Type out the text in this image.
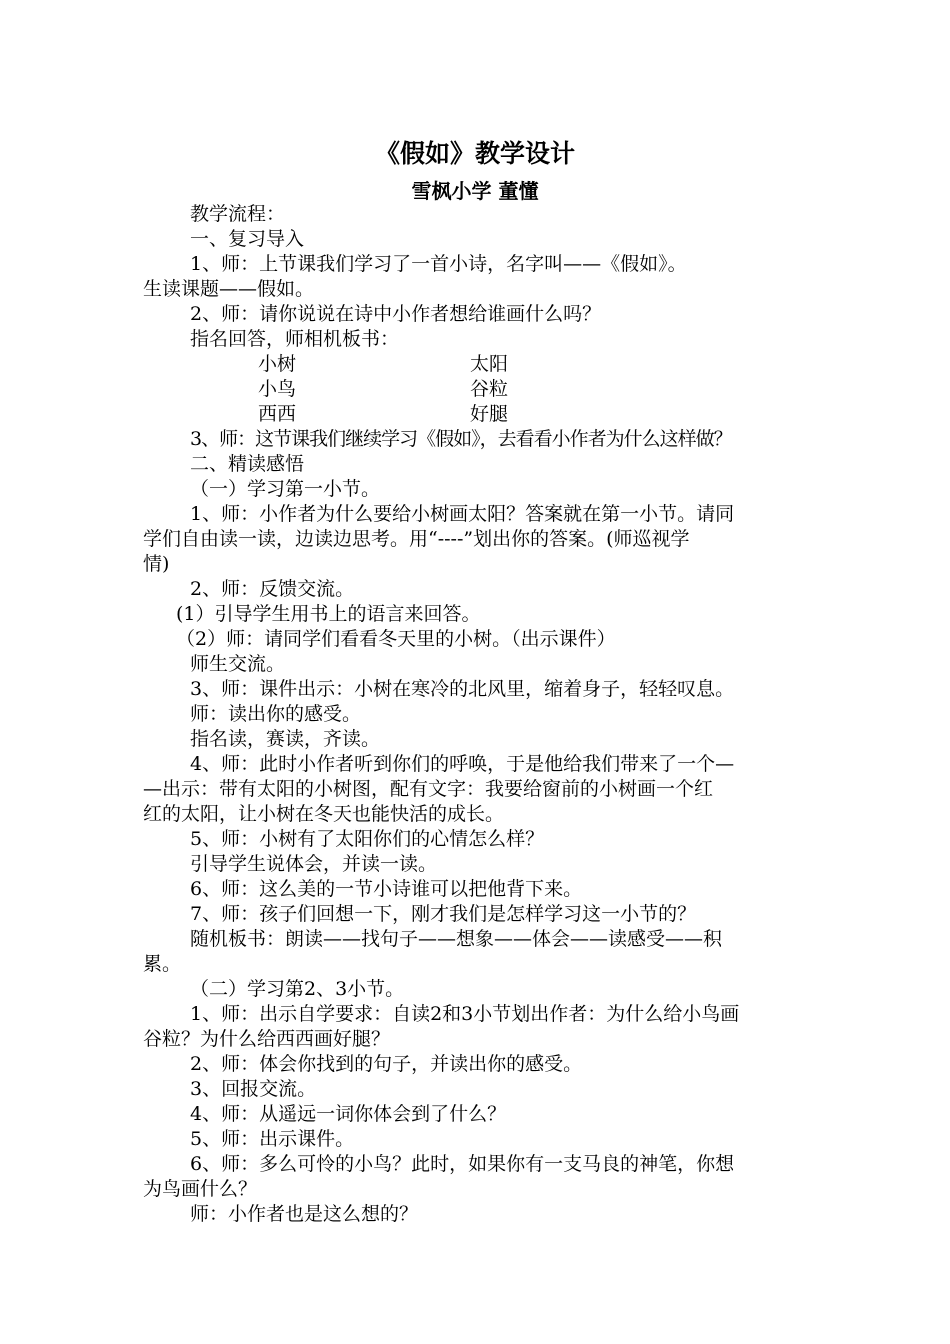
《假如》教学设计
雪枫小学 董懂
教学流程：
一、复习导入
1、师：上节课我们学习了一首小诗，名字叫——《假如》。
生读课题——假如。
2、师：请你说说在诗中小作者想给谁画什么吗？
指名回答，师相机板书：
小树	太阳
小鸟	谷粒
西西	好腿
3、师：这节课我们继续学习《假如》，去看看小作者为什么这样做？
二、精读感悟
（一）学习第一小节。
1、师：小作者为什么要给小树画太阳？答案就在第一小节。请同
学们自由读一读，边读边思考。用“----”划出你的答案。(师巡视学
情)
2、师：反馈交流。
(1）引导学生用书上的语言来回答。
（2）师：请同学们看看冬天里的小树。（出示课件）
师生交流。
3、师：课件出示：小树在寒冷的北风里，缩着身子，轻轻叹息。
师：读出你的感受。
指名读，赛读，齐读。
4、师：此时小作者听到你们的呼唤，于是他给我们带来了一个—
—出示：带有太阳的小树图，配有文字：我要给窗前的小树画一个红
红的太阳，让小树在冬天也能快活的成长。
5、师：小树有了太阳你们的心情怎么样？
引导学生说体会，并读一读。
6、师：这么美的一节小诗谁可以把他背下来。
7、师：孩子们回想一下，刚才我们是怎样学习这一小节的？
随机板书：朗读——找句子——想象——体会——读感受——积
累。
（二）学习第2、3小节。
1、师：出示自学要求：自读2和3小节划出作者：为什么给小鸟画
谷粒？为什么给西西画好腿？
2、师：体会你找到的句子，并读出你的感受。
3、回报交流。
4、师：从遥远一词你体会到了什么？
5、师：出示课件。
6、师：多么可怜的小鸟？此时，如果你有一支马良的神笔，你想
为鸟画什么？
师：小作者也是这么想的？
